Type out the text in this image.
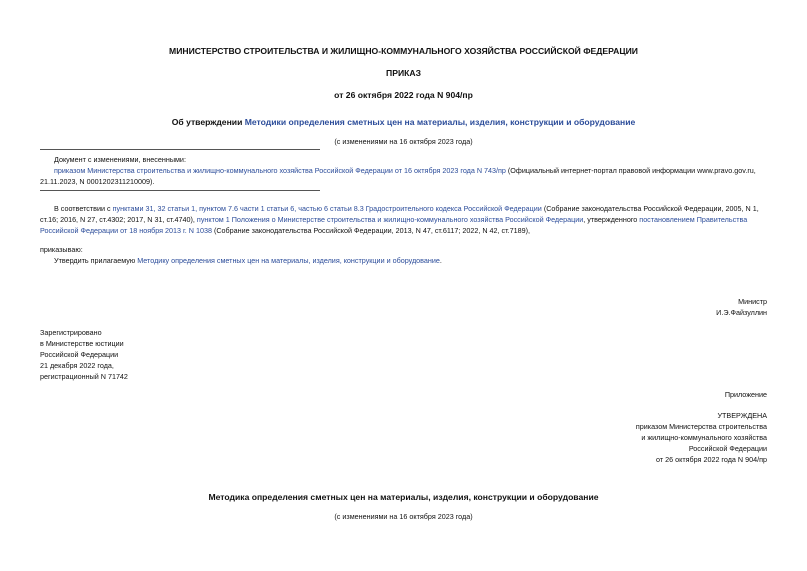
МИНИСТЕРСТВО СТРОИТЕЛЬСТВА И ЖИЛИЩНО-КОММУНАЛЬНОГО ХОЗЯЙСТВА РОССИЙСКОЙ ФЕДЕРАЦИИ
ПРИКАЗ
от 26 октября 2022 года N 904/пр
Об утверждении Методики определения сметных цен на материалы, изделия, конструкции и оборудование
(с изменениями на 16 октября 2023 года)
Документ с изменениями, внесенными:
приказом Министерства строительства и жилищно-коммунального хозяйства Российской Федерации от 16 октября 2023 года N 743/пр (Официальный интернет-портал правовой информации www.pravo.gov.ru,
21.11.2023, N 0001202311210009).
В соответствии с пунктами 31, 32 статьи 1, пунктом 7.6 части 1 статьи 6, частью 6 статьи 8.3 Градостроительного кодекса Российской Федерации (Собрание законодательства Российской Федерации, 2005, N 1,
ст.16; 2016, N 27, ст.4302; 2017, N 31, ст.4740), пунктом 1 Положения о Министерстве строительства и жилищно-коммунального хозяйства Российской Федерации, утвержденного постановлением Правительства
Российской Федерации от 18 ноября 2013 г. N 1038 (Собрание законодательства Российской Федерации, 2013, N 47, ст.6117; 2022, N 42, ст.7189),
приказываю:
Утвердить прилагаемую Методику определения сметных цен на материалы, изделия, конструкции и оборудование.
Министр
И.Э.Файзуллин
Зарегистрировано
в Министерстве юстиции
Российской Федерации
21 декабря 2022 года,
регистрационный N 71742
Приложение
УТВЕРЖДЕНА
приказом Министерства строительства
и жилищно-коммунального хозяйства
Российской Федерации
от 26 октября 2022 года N 904/пр
Методика определения сметных цен на материалы, изделия, конструкции и оборудование
(с изменениями на 16 октября 2023 года)
